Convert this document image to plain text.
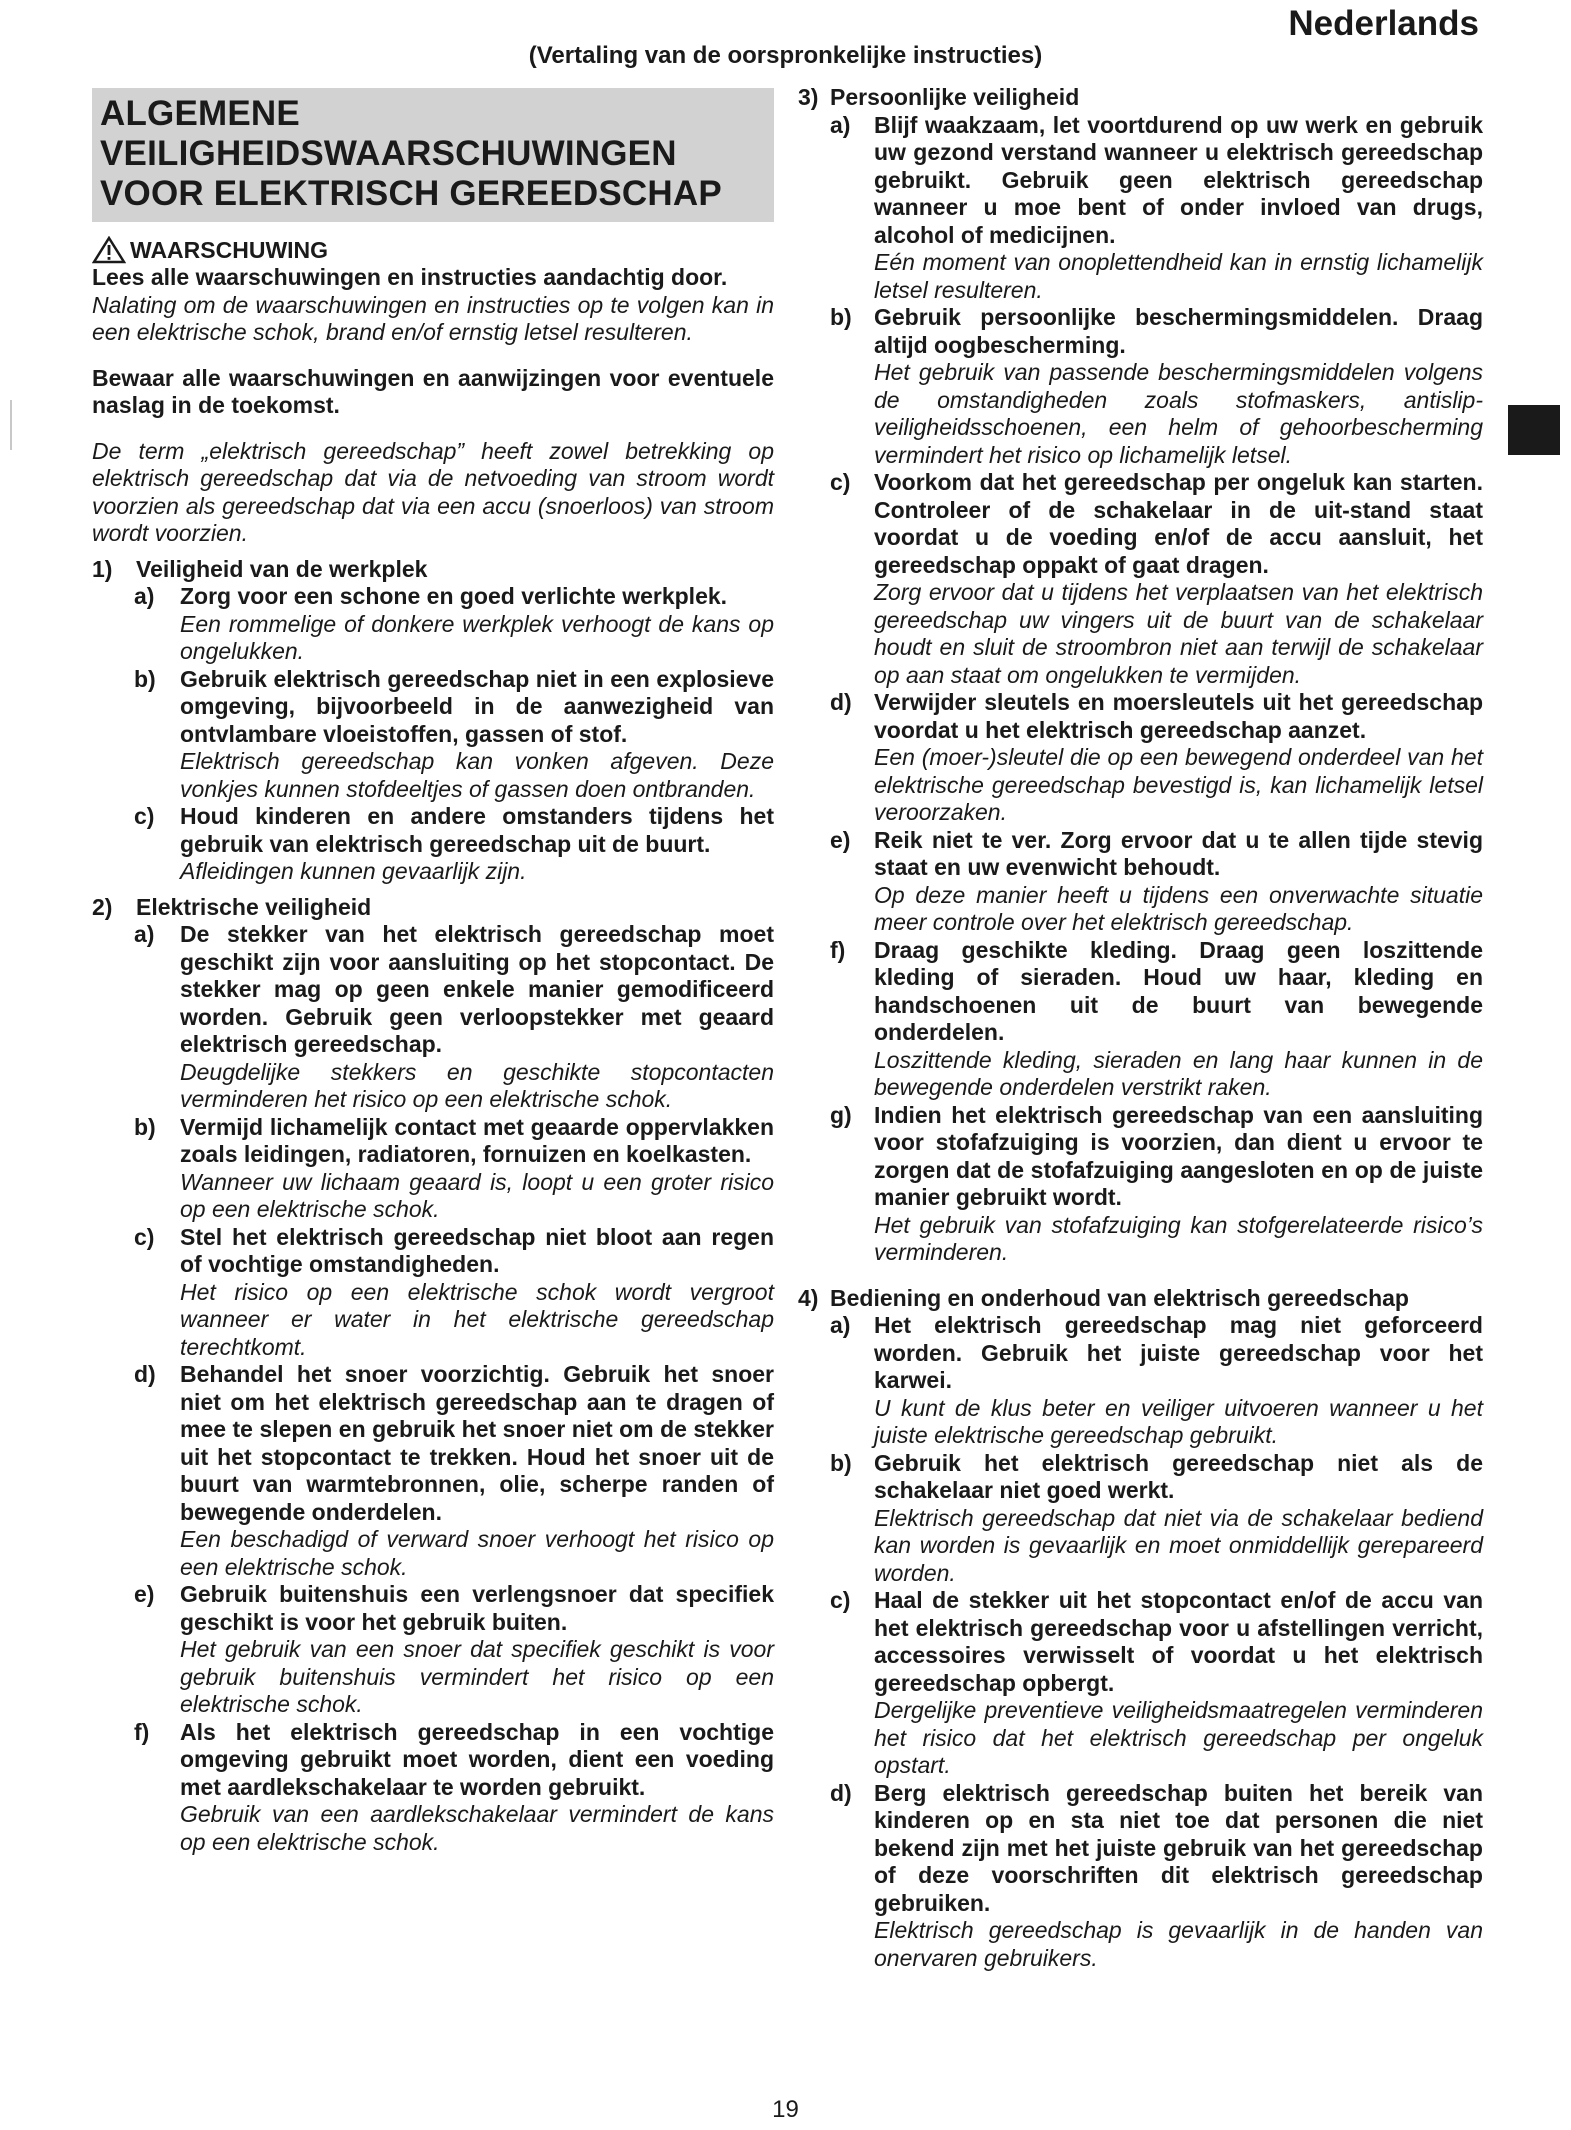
Nederlands
(Vertaling van de oorspronkelijke instructies)
ALGEMENE VEILIGHEIDSWAARSCHUWINGEN VOOR ELEKTRISCH GEREEDSCHAP
WAARSCHUWING
Lees alle waarschuwingen en instructies aandachtig door.
Nalating om de waarschuwingen en instructies op te volgen kan in een elektrische schok, brand en/of ernstig letsel resulteren.
Bewaar alle waarschuwingen en aanwijzingen voor eventuele naslag in de toekomst.
De term „elektrisch gereedschap” heeft zowel betrekking op elektrisch gereedschap dat via de netvoeding van stroom wordt voorzien als gereedschap dat via een accu (snoerloos) van stroom wordt voorzien.
1)	Veiligheid van de werkplek
a)	Zorg voor een schone en goed verlichte werkplek.
Een rommelige of donkere werkplek verhoogt de kans op ongelukken.
b)	Gebruik elektrisch gereedschap niet in een explosieve omgeving, bijvoorbeeld in de aanwezigheid van ontvlambare vloeistoffen, gassen of stof.
Elektrisch gereedschap kan vonken afgeven. Deze vonkjes kunnen stofdeeltjes of gassen doen ontbranden.
c)	Houd kinderen en andere omstanders tijdens het gebruik van elektrisch gereedschap uit de buurt.
Afleidingen kunnen gevaarlijk zijn.
2)	Elektrische veiligheid
a)	De stekker van het elektrisch gereedschap moet geschikt zijn voor aansluiting op het stopcontact. De stekker mag op geen enkele manier gemodificeerd worden. Gebruik geen verloopstekker met geaard elektrisch gereedschap.
Deugdelijke stekkers en geschikte stopcontacten verminderen het risico op een elektrische schok.
b)	Vermijd lichamelijk contact met geaarde oppervlakken zoals leidingen, radiatoren, fornuizen en koelkasten.
Wanneer uw lichaam geaard is, loopt u een groter risico op een elektrische schok.
c)	Stel het elektrisch gereedschap niet bloot aan regen of vochtige omstandigheden.
Het risico op een elektrische schok wordt vergroot wanneer er water in het elektrische gereedschap terechtkomt.
d)	Behandel het snoer voorzichtig. Gebruik het snoer niet om het elektrisch gereedschap aan te dragen of mee te slepen en gebruik het snoer niet om de stekker uit het stopcontact te trekken. Houd het snoer uit de buurt van warmtebronnen, olie, scherpe randen of bewegende onderdelen.
Een beschadigd of verward snoer verhoogt het risico op een elektrische schok.
e)	Gebruik buitenshuis een verlengsnoer dat specifiek geschikt is voor het gebruik buiten.
Het gebruik van een snoer dat specifiek geschikt is voor gebruik buitenshuis vermindert het risico op een elektrische schok.
f)	Als het elektrisch gereedschap in een vochtige omgeving gebruikt moet worden, dient een voeding met aardlekschakelaar te worden gebruikt.
Gebruik van een aardlekschakelaar vermindert de kans op een elektrische schok.
3) Persoonlijke veiligheid
a)	Blijf waakzaam, let voortdurend op uw werk en gebruik uw gezond verstand wanneer u elektrisch gereedschap gebruikt. Gebruik geen elektrisch gereedschap wanneer u moe bent of onder invloed van drugs, alcohol of medicijnen.
Eén moment van onoplettendheid kan in ernstig lichamelijk letsel resulteren.
b) Gebruik persoonlijke beschermingsmiddelen. Draag altijd oogbescherming.
Het gebruik van passende beschermingsmiddelen volgens de omstandigheden zoals stofmaskers, antislip-veiligheidsschoenen, een helm of gehoorbescherming vermindert het risico op lichamelijk letsel.
c)	Voorkom dat het gereedschap per ongeluk kan starten. Controleer of de schakelaar in de uit-stand staat voordat u de voeding en/of de accu aansluit, het gereedschap oppakt of gaat dragen.
Zorg ervoor dat u tijdens het verplaatsen van het elektrisch gereedschap uw vingers uit de buurt van de schakelaar houdt en sluit de stroombron niet aan terwijl de schakelaar op aan staat om ongelukken te vermijden.
d) Verwijder sleutels en moersleutels uit het gereedschap voordat u het elektrisch gereedschap aanzet.
Een (moer-)sleutel die op een bewegend onderdeel van het elektrische gereedschap bevestigd is, kan lichamelijk letsel veroorzaken.
e)	Reik niet te ver. Zorg ervoor dat u te allen tijde stevig staat en uw evenwicht behoudt.
Op deze manier heeft u tijdens een onverwachte situatie meer controle over het elektrisch gereedschap.
f)	Draag geschikte kleding. Draag geen loszittende kleding of sieraden. Houd uw haar, kleding en handschoenen uit de buurt van bewegende onderdelen.
Loszittende kleding, sieraden en lang haar kunnen in de bewegende onderdelen verstrikt raken.
g) Indien het elektrisch gereedschap van een aansluiting voor stofafzuiging is voorzien, dan dient u ervoor te zorgen dat de stofafzuiging aangesloten en op de juiste manier gebruikt wordt.
Het gebruik van stofafzuiging kan stofgerelateerde risico’s verminderen.
4) Bediening en onderhoud van elektrisch gereedschap
a)	Het elektrisch gereedschap mag niet geforceerd worden. Gebruik het juiste gereedschap voor het karwei.
U kunt de klus beter en veiliger uitvoeren wanneer u het juiste elektrische gereedschap gebruikt.
b) Gebruik het elektrisch gereedschap niet als de schakelaar niet goed werkt.
Elektrisch gereedschap dat niet via de schakelaar bediend kan worden is gevaarlijk en moet onmiddellijk gerepareerd worden.
c)	Haal de stekker uit het stopcontact en/of de accu van het elektrisch gereedschap voor u afstellingen verricht, accessoires verwisselt of voordat u het elektrisch gereedschap opbergt.
Dergelijke preventieve veiligheidsmaatregelen verminderen het risico dat het elektrisch gereedschap per ongeluk opstart.
d) Berg elektrisch gereedschap buiten het bereik van kinderen op en sta niet toe dat personen die niet bekend zijn met het juiste gebruik van het gereedschap of deze voorschriften dit elektrisch gereedschap gebruiken.
Elektrisch gereedschap is gevaarlijk in de handen van onervaren gebruikers.
19
